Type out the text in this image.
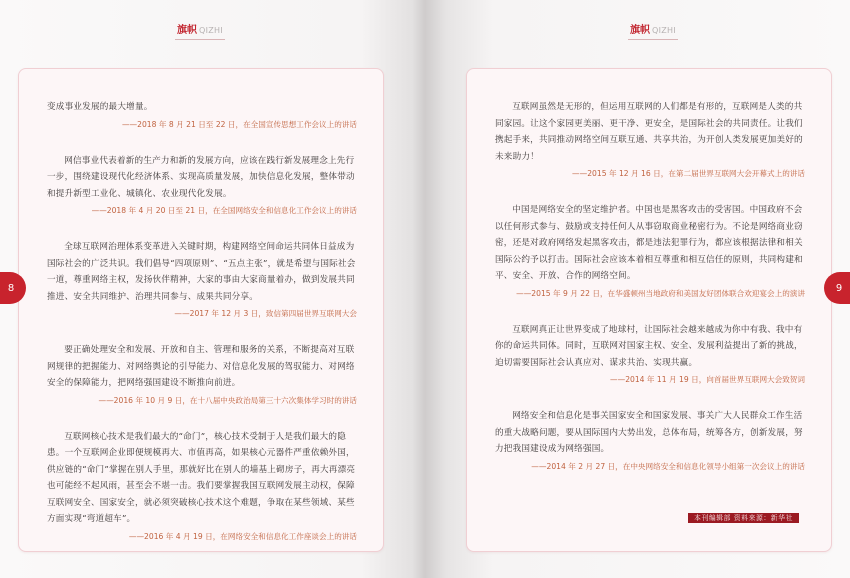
旗帜 QIZHI

变成事业发展的最大增量。

——2018 年 8 月 21 日至 22 日，在全国宣传思想工作会议上的讲话

网信事业代表着新的生产力和新的发展方向，应该在践行新发展理念上先行一步，围绕建设现代化经济体系、实现高质量发展，加快信息化发展，整体带动和提升新型工业化、城镇化、农业现代化发展。

——2018 年 4 月 20 日至 21 日，在全国网络安全和信息化工作会议上的讲话

全球互联网治理体系变革进入关键时期，构建网络空间命运共同体日益成为国际社会的广泛共识。我们倡导“四项原则”、“五点主张”，就是希望与国际社会一道，尊重网络主权，发扬伙伴精神，大家的事由大家商量着办，做到发展共同推进、安全共同维护、治理共同参与、成果共同分享。

——2017 年 12 月 3 日，致信第四届世界互联网大会

要正确处理安全和发展、开放和自主、管理和服务的关系，不断提高对互联网规律的把握能力、对网络舆论的引导能力、对信息化发展的驾驭能力、对网络安全的保障能力，把网络强国建设不断推向前进。

——2016 年 10 月 9 日，在十八届中央政治局第三十六次集体学习时的讲话

互联网核心技术是我们最大的“命门”，核心技术受制于人是我们最大的隐患。一个互联网企业即便规模再大、市值再高，如果核心元器件严重依赖外国，供应链的“命门”掌握在别人手里，那就好比在别人的墙基上砌房子，再大再漂亮也可能经不起风雨，甚至会不堪一击。我们要掌握我国互联网发展主动权，保障互联网安全、国家安全，就必须突破核心技术这个难题，争取在某些领域、某些方面实现“弯道超车”。

——2016 年 4 月 19 日，在网络安全和信息化工作座谈会上的讲话

8
旗帜 QIZHI

互联网虽然是无形的，但运用互联网的人们都是有形的，互联网是人类的共同家园。让这个家园更美丽、更干净、更安全，是国际社会的共同责任。让我们携起手来，共同推动网络空间互联互通、共享共治，为开创人类发展更加美好的未来助力！

——2015 年 12 月 16 日，在第二届世界互联网大会开幕式上的讲话

中国是网络安全的坚定维护者。中国也是黑客攻击的受害国。中国政府不会以任何形式参与、鼓励或支持任何人从事窃取商业秘密行为。不论是网络商业窃密，还是对政府网络发起黑客攻击，都是违法犯罪行为，都应该根据法律和相关国际公约予以打击。国际社会应该本着相互尊重和相互信任的原则，共同构建和平、安全、开放、合作的网络空间。

——2015 年 9 月 22 日，在华盛顿州当地政府和美国友好团体联合欢迎宴会上的演讲

互联网真正让世界变成了地球村，让国际社会越来越成为你中有我、我中有你的命运共同体。同时，互联网对国家主权、安全、发展利益提出了新的挑战，迫切需要国际社会认真应对、谋求共治、实现共赢。

——2014 年 11 月 19 日，向首届世界互联网大会致贺词

网络安全和信息化是事关国家安全和国家发展、事关广大人民群众工作生活的重大战略问题，要从国际国内大势出发，总体布局，统筹各方，创新发展，努力把我国建设成为网络强国。

——2014 年 2 月 27 日，在中央网络安全和信息化领导小组第一次会议上的讲话

本刊编辑部 资料来源：新华社
9
